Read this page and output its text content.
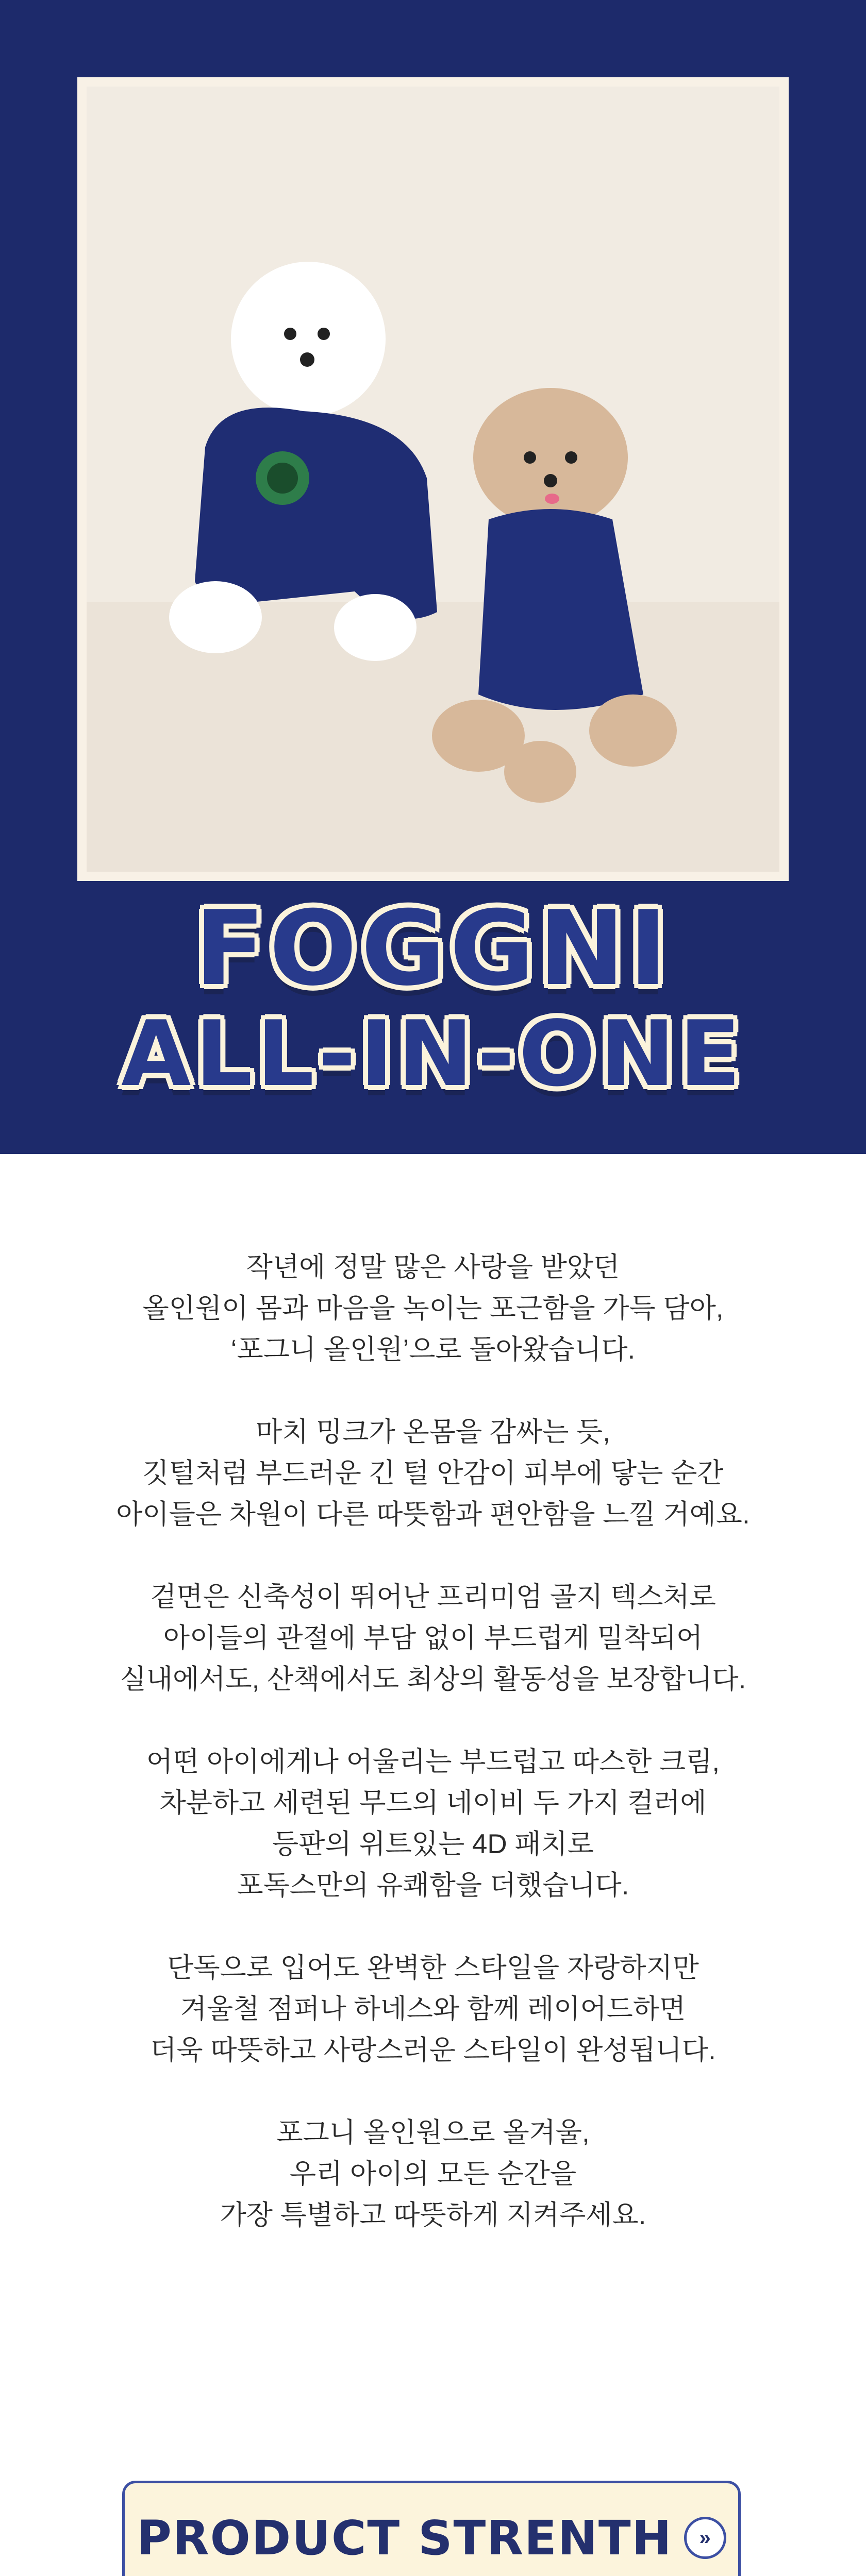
FOGGNI
ALL-IN-ONE

작년에 정말 많은 사랑을 받았던
올인원이 몸과 마음을 녹이는 포근함을 가득 담아,
‘포그니 올인원’으로 돌아왔습니다.

마치 밍크가 온몸을 감싸는 듯,
깃털처럼 부드러운 긴 털 안감이 피부에 닿는 순간
아이들은 차원이 다른 따뜻함과 편안함을 느낄 거예요.

겉면은 신축성이 뛰어난 프리미엄 골지 텍스처로
아이들의 관절에 부담 없이 부드럽게 밀착되어
실내에서도, 산책에서도 최상의 활동성을 보장합니다.

어떤 아이에게나 어울리는 부드럽고 따스한 크림,
차분하고 세련된 무드의 네이비 두 가지 컬러에
등판의 위트있는 4D 패치로
포독스만의 유쾌함을 더했습니다.

단독으로 입어도 완벽한 스타일을 자랑하지만
겨울철 점퍼나 하네스와 함께 레이어드하면
더욱 따뜻하고 사랑스러운 스타일이 완성됩니다.

포그니 올인원으로 올겨울,
우리 아이의 모든 순간을
가장 특별하고 따뜻하게 지켜주세요.

PRODUCT STRENTH	»
